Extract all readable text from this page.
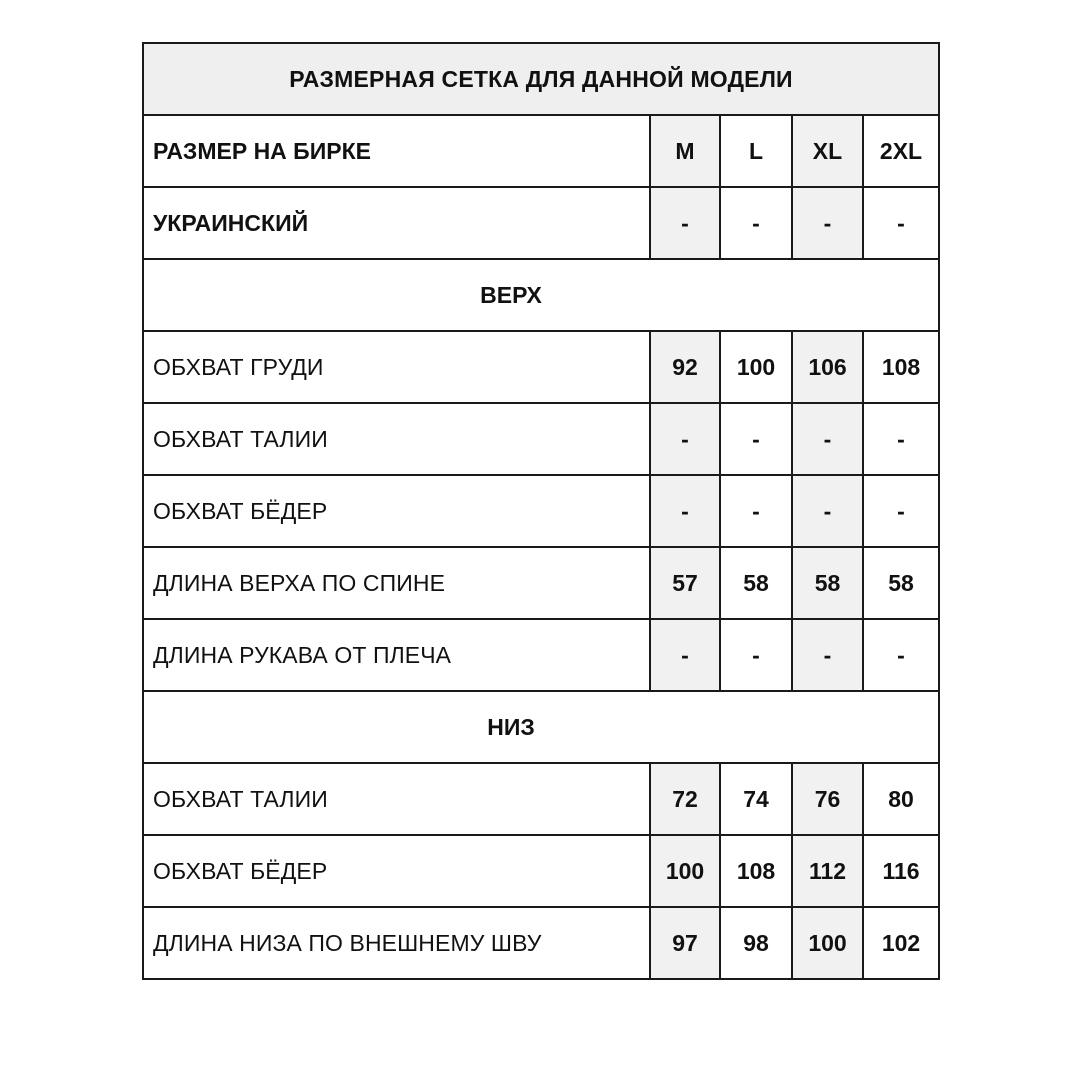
РАЗМЕРНАЯ СЕТКА ДЛЯ ДАННОЙ МОДЕЛИ				
РАЗМЕР НА БИРКЕ	M	L	XL	2XL
УКРАИНСКИЙ	-	-	-	-
ВЕРХ				
ОБХВАТ ГРУДИ	92	100	106	108
ОБХВАТ ТАЛИИ	-	-	-	-
ОБХВАТ БЁДЕР	-	-	-	-
ДЛИНА ВЕРХА ПО СПИНЕ	57	58	58	58
ДЛИНА РУКАВА ОТ ПЛЕЧА	-	-	-	-
НИЗ				
ОБХВАТ ТАЛИИ	72	74	76	80
ОБХВАТ БЁДЕР	100	108	112	116
ДЛИНА НИЗА ПО ВНЕШНЕМУ ШВУ	97	98	100	102
